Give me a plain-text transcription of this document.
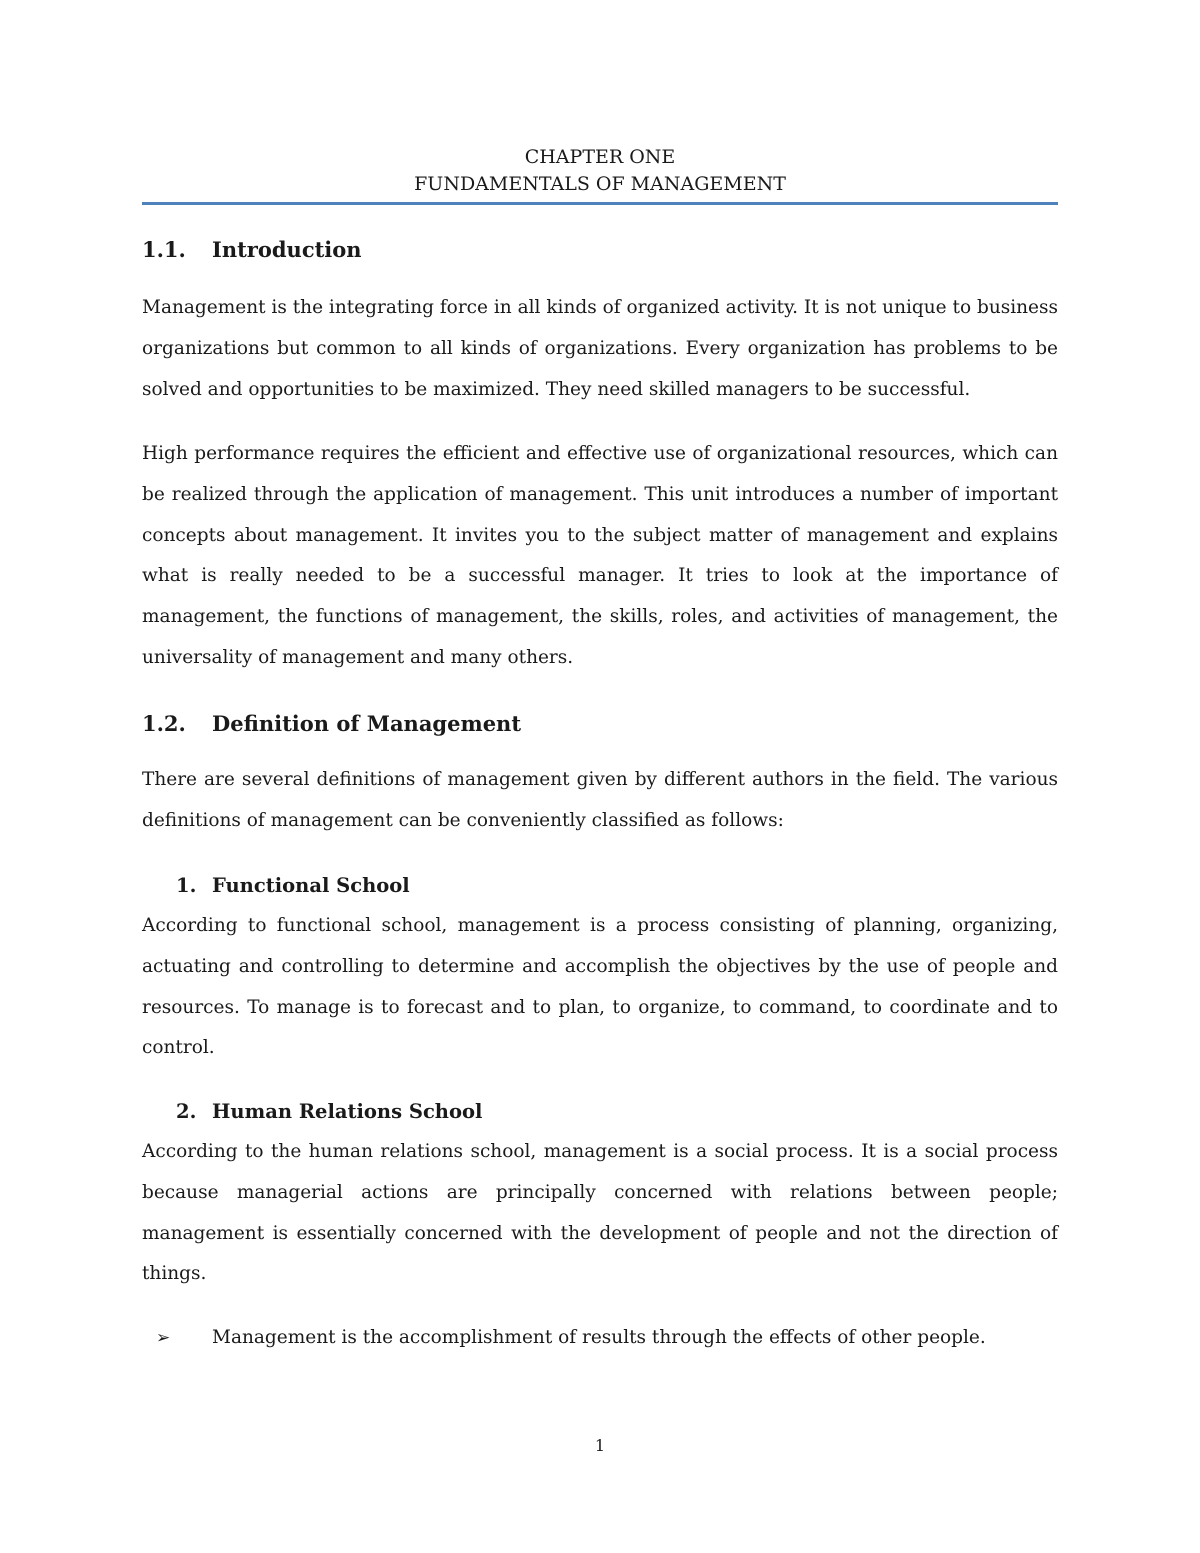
CHAPTER ONE
FUNDAMENTALS OF MANAGEMENT
1.1. Introduction

Management is the integrating force in all kinds of organized activity. It is not unique to business organizations but common to all kinds of organizations. Every organization has problems to be solved and opportunities to be maximized. They need skilled managers to be successful.

High performance requires the efficient and effective use of organizational resources, which can be realized through the application of management. This unit introduces a number of important concepts about management. It invites you to the subject matter of management and explains what is really needed to be a successful manager. It tries to look at the importance of management, the functions of management, the skills, roles, and activities of management, the universality of management and many others.

1.2. Definition of Management

There are several definitions of management given by different authors in the field. The various definitions of management can be conveniently classified as follows:

1. Functional School

According to functional school, management is a process consisting of planning, organizing, actuating and controlling to determine and accomplish the objectives by the use of people and resources. To manage is to forecast and to plan, to organize, to command, to coordinate and to control.

2. Human Relations School

According to the human relations school, management is a social process. It is a social process because managerial actions are principally concerned with relations between people; management is essentially concerned with the development of people and not the direction of things.

➢ Management is the accomplishment of results through the effects of other people.
1
